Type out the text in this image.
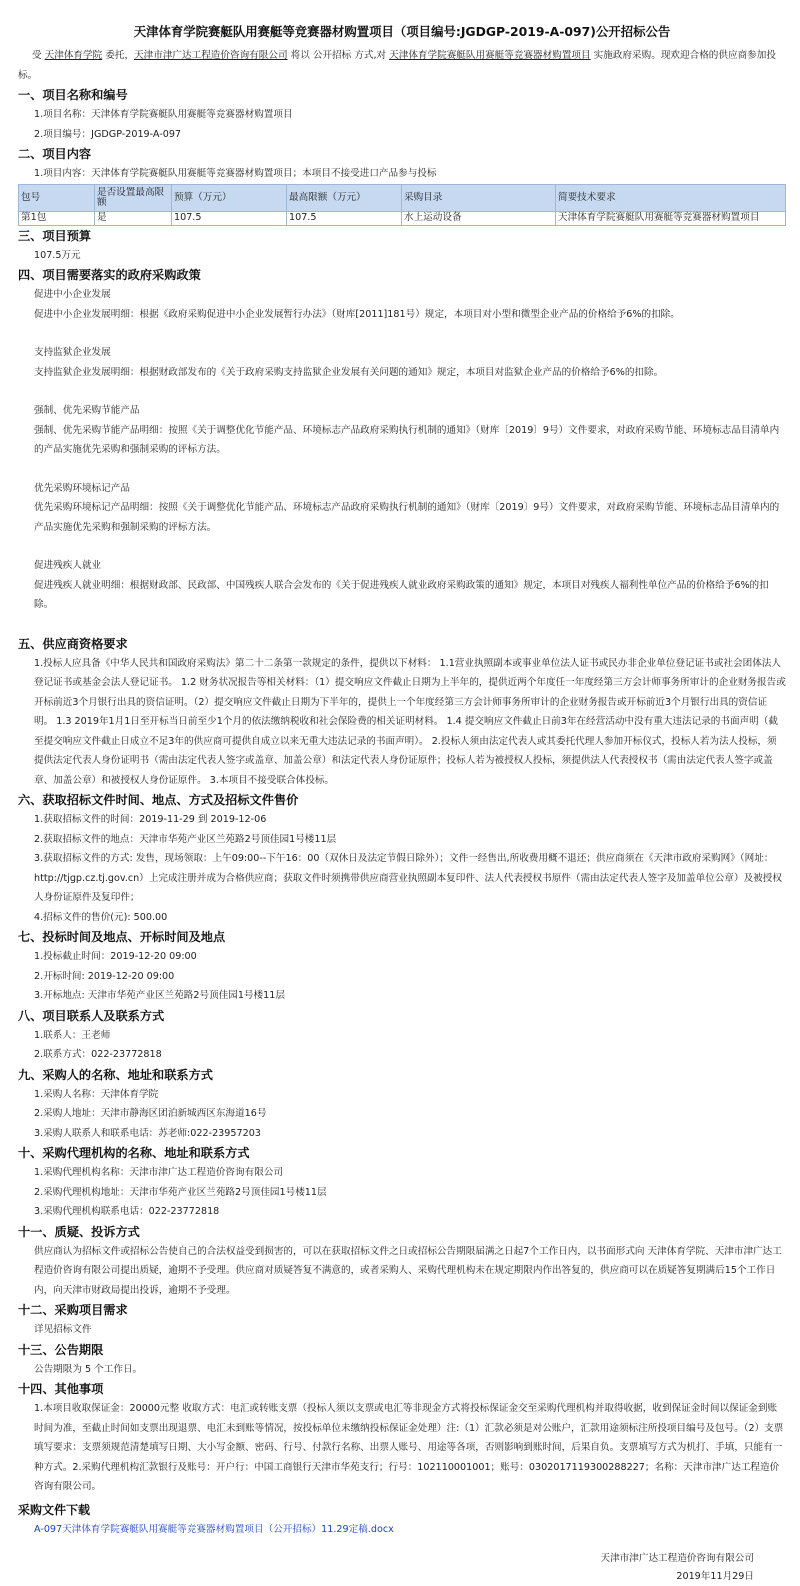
天津体育学院赛艇队用赛艇等竞赛器材购置项目（项目编号:JGDGP-2019-A-097)公开招标公告
受 天津体育学院 委托，天津市津广达工程造价咨询有限公司 将以 公开招标 方式,对 天津体育学院赛艇队用赛艇等竞赛器材购置项目 实施政府采购。现欢迎合格的供应商参加投标。
一、项目名称和编号
1.项目名称：天津体育学院赛艇队用赛艇等竞赛器材购置项目
2.项目编号：JGDGP-2019-A-097
二、项目内容
1.项目内容：天津体育学院赛艇队用赛艇等竞赛器材购置项目；本项目不接受进口产品参与投标
包号	是否设置最高限额	预算（万元）	最高限额（万元）	采购目录	简要技术要求
第1包	是	107.5	107.5	水上运动设备	天津体育学院赛艇队用赛艇等竞赛器材购置项目
三、项目预算
107.5万元
四、项目需要落实的政府采购政策
促进中小企业发展
促进中小企业发展明细：根据《政府采购促进中小企业发展暂行办法》（财库[2011]181号）规定，本项目对小型和微型企业产品的价格给予6%的扣除。
支持监狱企业发展
支持监狱企业发展明细：根据财政部发布的《关于政府采购支持监狱企业发展有关问题的通知》规定，本项目对监狱企业产品的价格给予6%的扣除。
强制、优先采购节能产品
强制、优先采购节能产品明细：按照《关于调整优化节能产品、环境标志产品政府采购执行机制的通知》（财库〔2019〕9号）文件要求，对政府采购节能、环境标志品目清单内的产品实施优先采购和强制采购的评标方法。
优先采购环境标记产品
优先采购环境标记产品明细：按照《关于调整优化节能产品、环境标志产品政府采购执行机制的通知》（财库〔2019〕9号）文件要求，对政府采购节能、环境标志品目清单内的产品实施优先采购和强制采购的评标方法。
促进残疾人就业
促进残疾人就业明细：根据财政部、民政部、中国残疾人联合会发布的《关于促进残疾人就业政府采购政策的通知》规定，本项目对残疾人福利性单位产品的价格给予6%的扣除。
五、供应商资格要求
1.投标人应具备《中华人民共和国政府采购法》第二十二条第一款规定的条件，提供以下材料： 1.1营业执照副本或事业单位法人证书或民办非企业单位登记证书或社会团体法人登记证书或基金会法人登记证书。 1.2 财务状况报告等相关材料：（1）提交响应文件截止日期为上半年的，提供近两个年度任一年度经第三方会计师事务所审计的企业财务报告或开标前近3个月银行出具的资信证明。（2）提交响应文件截止日期为下半年的，提供上一个年度经第三方会计师事务所审计的企业财务报告或开标前近3个月银行出具的资信证明。 1.3 2019年1月1日至开标当日前至少1个月的依法缴纳税收和社会保险费的相关证明材料。 1.4 提交响应文件截止日前3年在经营活动中没有重大违法记录的书面声明（截至提交响应文件截止日成立不足3年的供应商可提供自成立以来无重大违法记录的书面声明）。 2.投标人须由法定代表人或其委托代理人参加开标仪式，投标人若为法人投标，须提供法定代表人身份证明书（需由法定代表人签字或盖章、加盖公章）和法定代表人身份证原件；投标人若为被授权人投标，须提供法人代表授权书（需由法定代表人签字或盖章、加盖公章）和被授权人身份证原件。 3.本项目不接受联合体投标。
六、获取招标文件时间、地点、方式及招标文件售价
1.获取招标文件的时间：2019-11-29 到 2019-12-06
2.获取招标文件的地点：天津市华苑产业区兰苑路2号顶佳园1号楼11层
3.获取招标文件的方式: 发售，现场领取：上午09:00--下午16：00（双休日及法定节假日除外）；文件一经售出,所收费用概不退还；供应商须在《天津市政府采购网》（网址：http://tjgp.cz.tj.gov.cn）上完成注册并成为合格供应商；获取文件时须携带供应商营业执照副本复印件、法人代表授权书原件（需由法定代表人签字及加盖单位公章）及被授权人身份证原件及复印件；
4.招标文件的售价(元): 500.00
七、投标时间及地点、开标时间及地点
1.投标截止时间：2019-12-20 09:00
2.开标时间: 2019-12-20 09:00
3.开标地点: 天津市华苑产业区兰苑路2号顶佳园1号楼11层
八、项目联系人及联系方式
1.联系人：王老师
2.联系方式：022-23772818
九、采购人的名称、地址和联系方式
1.采购人名称：天津体育学院
2.采购人地址：天津市静海区团泊新城西区东海道16号
3.采购人联系人和联系电话：苏老师:022-23957203
十、采购代理机构的名称、地址和联系方式
1.采购代理机构名称：天津市津广达工程造价咨询有限公司
2.采购代理机构地址：天津市华苑产业区兰苑路2号顶佳园1号楼11层
3.采购代理机构联系电话：022-23772818
十一、质疑、投诉方式
供应商认为招标文件或招标公告使自己的合法权益受到损害的，可以在获取招标文件之日或招标公告期限届满之日起7个工作日内，以书面形式向 天津体育学院、天津市津广达工程造价咨询有限公司提出质疑，逾期不予受理。供应商对质疑答复不满意的，或者采购人、采购代理机构未在规定期限内作出答复的，供应商可以在质疑答复期满后15个工作日内，向天津市财政局提出投诉，逾期不予受理。
十二、采购项目需求
详见招标文件
十三、公告期限
公告期限为 5 个工作日。
十四、其他事项
1.本项目收取保证金：20000元整 收取方式：电汇或转账支票（投标人须以支票或电汇等非现金方式将投标保证金交至采购代理机构并取得收据，收到保证金时间以保证金到账时间为准，至截止时间如支票出现退票、电汇未到账等情况，按投标单位未缴纳投标保证金处理）注:（1）汇款必须是对公账户，汇款用途须标注所投项目编号及包号。（2）支票填写要求：支票须规范清楚填写日期、大小写金额、密码、行号、付款行名称、出票人账号、用途等各项，否则影响到账时间，后果自负。支票填写方式为机打、手填，只能有一种方式。2.采购代理机构汇款银行及账号：开户行：中国工商银行天津市华苑支行；行号：102110001001；账号：0302017119300288227；名称：天津市津广达工程造价咨询有限公司。
采购文件下载
A-097天津体育学院赛艇队用赛艇等竞赛器材购置项目（公开招标）11.29定稿.docx
天津市津广达工程造价咨询有限公司
2019年11月29日
